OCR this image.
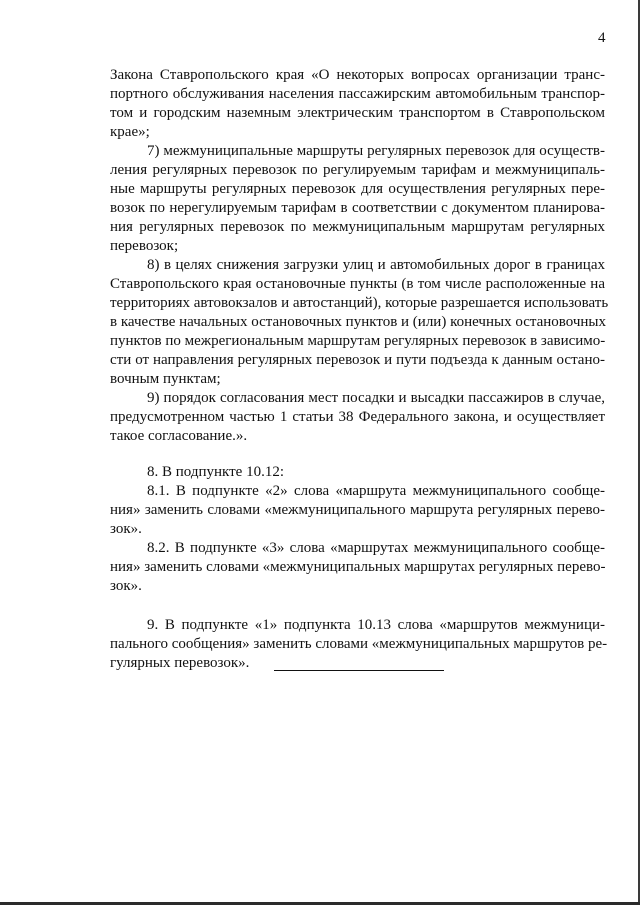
4
Закона Ставропольского края «О некоторых вопросах организации транс-
портного обслуживания населения пассажирским автомобильным транспор-
том и городским наземным электрическим транспортом в Ставропольском
крае»;
7) межмуниципальные маршруты регулярных перевозок для осуществ-
ления регулярных перевозок по регулируемым тарифам и межмуниципаль-
ные маршруты регулярных перевозок для осуществления регулярных пере-
возок по нерегулируемым тарифам в соответствии с документом планирова-
ния регулярных перевозок по межмуниципальным маршрутам регулярных
перевозок;
8) в целях снижения загрузки улиц и автомобильных дорог в границах
Ставропольского края остановочные пункты (в том числе расположенные на
территориях автовокзалов и автостанций), которые разрешается использовать
в качестве начальных остановочных пунктов и (или) конечных остановочных
пунктов по межрегиональным маршрутам регулярных перевозок в зависимо-
сти от направления регулярных перевозок и пути подъезда к данным остано-
вочным пунктам;
9) порядок согласования мест посадки и высадки пассажиров в случае,
предусмотренном частью 1 статьи 38 Федерального закона, и осуществляет
такое согласование.».
8. В подпункте 10.12:
8.1. В подпункте «2» слова «маршрута межмуниципального сообще-
ния» заменить словами «межмуниципального маршрута регулярных перево-
зок».
8.2. В подпункте «3» слова «маршрутах межмуниципального сообще-
ния» заменить словами «межмуниципальных маршрутах регулярных перево-
зок».
9. В подпункте «1» подпункта 10.13 слова «маршрутов межмуници-
пального сообщения» заменить словами «межмуниципальных маршрутов ре-
гулярных перевозок».
